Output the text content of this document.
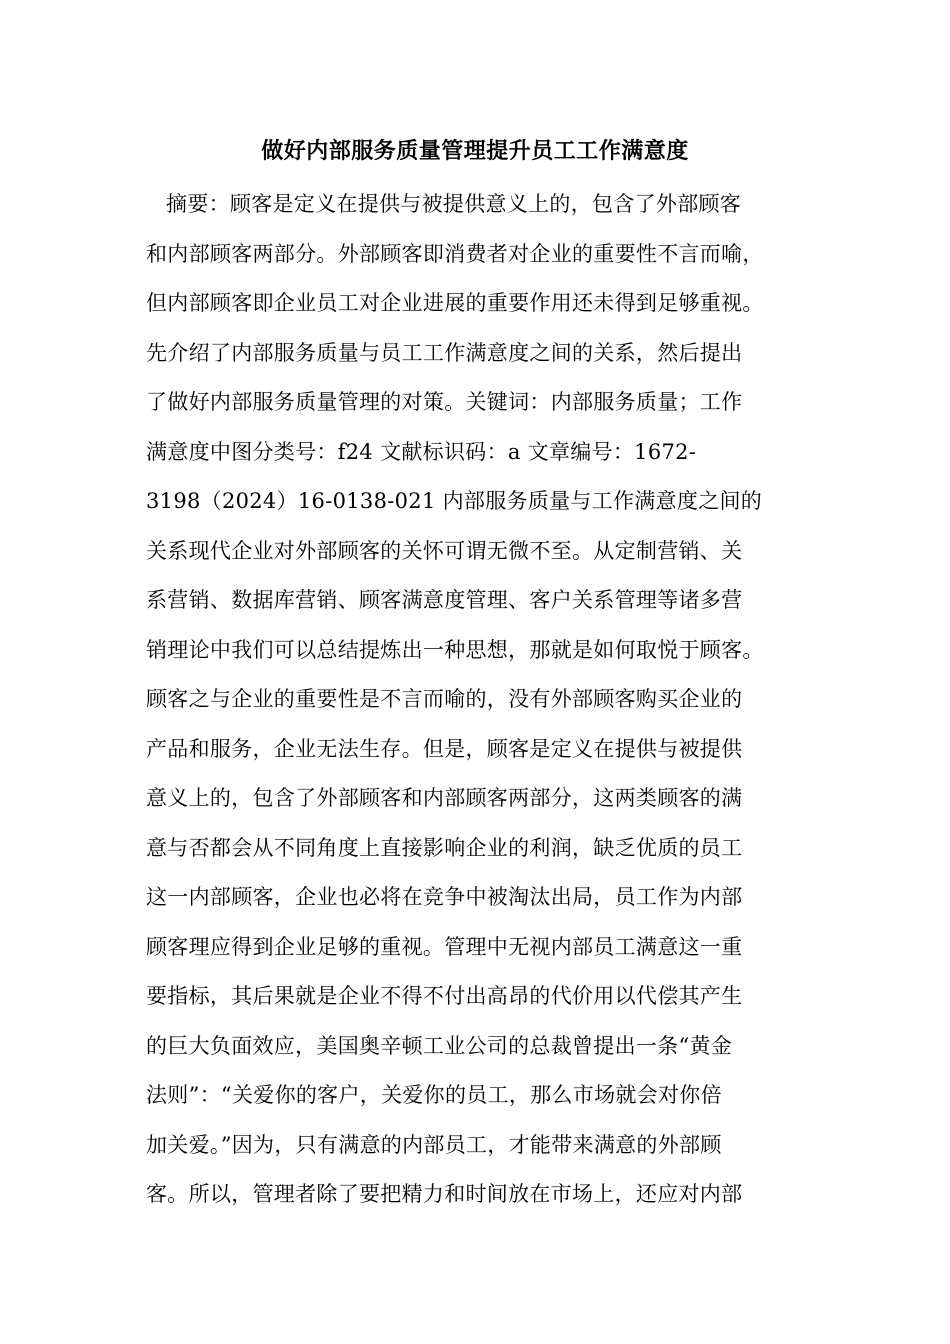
做好内部服务质量管理提升员工工作满意度
摘要：顾客是定义在提供与被提供意义上的，包含了外部顾客
和内部顾客两部分。外部顾客即消费者对企业的重要性不言而喻，
但内部顾客即企业员工对企业进展的重要作用还未得到足够重视。
先介绍了内部服务质量与员工工作满意度之间的关系，然后提出
了做好内部服务质量管理的对策。关键词：内部服务质量；工作
满意度中图分类号：f24 文献标识码：a 文章编号：1672-
3198（2024）16-0138-021 内部服务质量与工作满意度之间的
关系现代企业对外部顾客的关怀可谓无微不至。从定制营销、关
系营销、数据库营销、顾客满意度管理、客户关系管理等诸多营
销理论中我们可以总结提炼出一种思想，那就是如何取悦于顾客。
顾客之与企业的重要性是不言而喻的，没有外部顾客购买企业的
产品和服务，企业无法生存。但是，顾客是定义在提供与被提供
意义上的，包含了外部顾客和内部顾客两部分，这两类顾客的满
意与否都会从不同角度上直接影响企业的利润，缺乏优质的员工
这一内部顾客，企业也必将在竞争中被淘汰出局，员工作为内部
顾客理应得到企业足够的重视。管理中无视内部员工满意这一重
要指标，其后果就是企业不得不付出高昂的代价用以代偿其产生
的巨大负面效应，美国奥辛顿工业公司的总裁曾提出一条“黄金
法则”：“关爱你的客户，关爱你的员工，那么市场就会对你倍
加关爱。”因为，只有满意的内部员工，才能带来满意的外部顾
客。所以，管理者除了要把精力和时间放在市场上，还应对内部
